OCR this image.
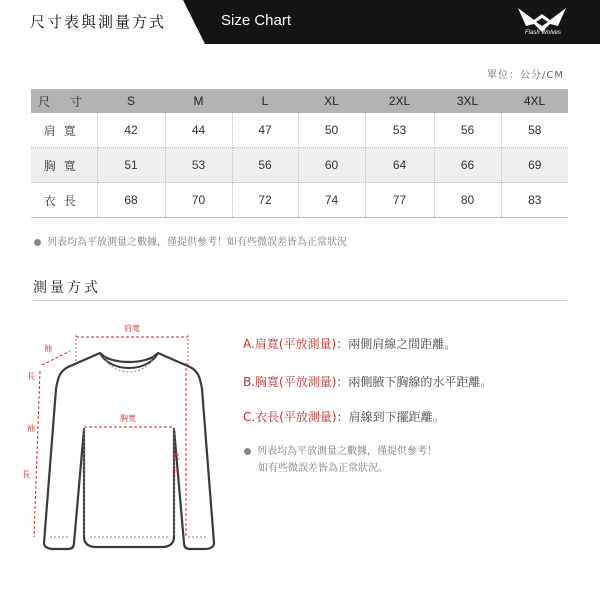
尺寸表與測量方式	Size Chart
Flash Wolves
單位：公分/CM
尺 寸	S	M	L	XL	2XL	3XL	4XL
肩寬	42	44	47	50	53	56	58
胸寬	51	53	56	60	64	66	69
衣長	68	70	72	74	77	80	83
列表均為平放測量之數據，僅提供參考！如有些微誤差皆為正常狀況
測量方式
肩寬
胸寬
衣
長
袖
長
袖
長
A.肩寬(平放測量)：兩側肩線之間距離。
B.胸寬(平放測量)：兩側腋下胸線的水平距離。
C.衣長(平放測量)：肩線到下擺距離。
列表均為平放測量之數據，僅提供參考！
如有些微誤差皆為正常狀況。
